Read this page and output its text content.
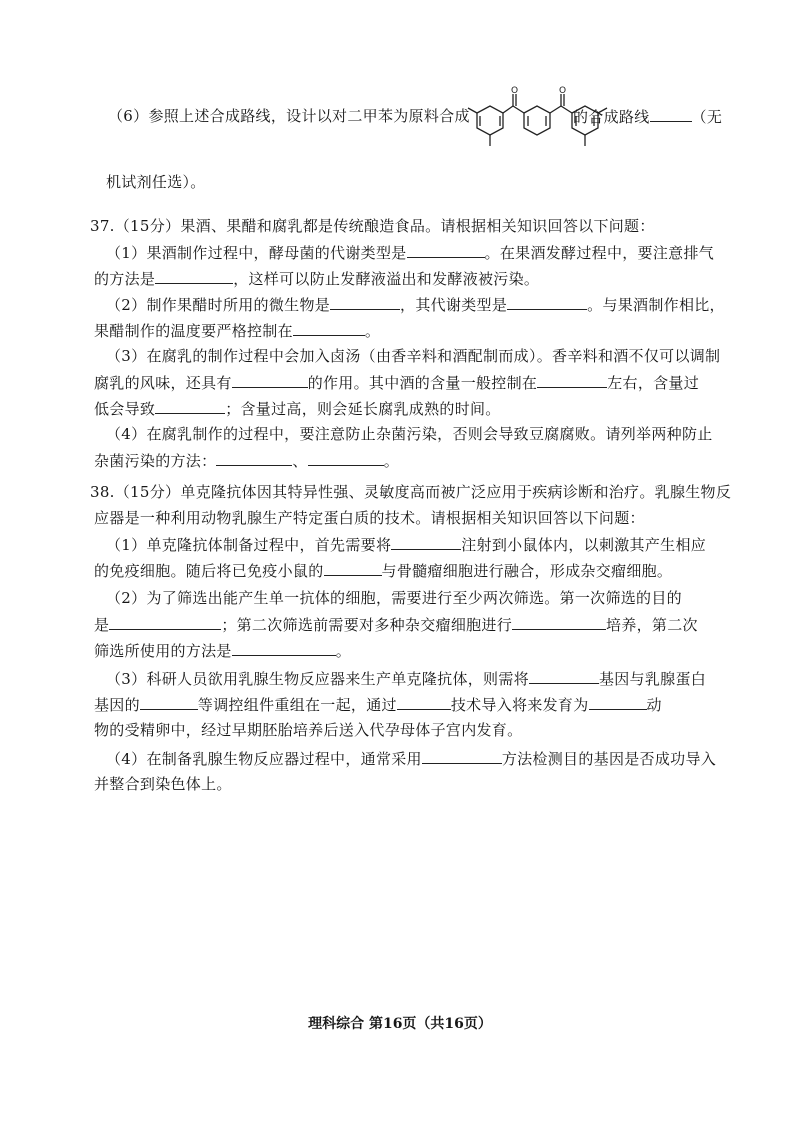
（6）参照上述合成路线，设计以对二甲苯为原料合成
O	O
的合成路线	（无
机试剂任选）。
37.（15分）果酒、果醋和腐乳都是传统酿造食品。请根据相关知识回答以下问题：
（1）果酒制作过程中，酵母菌的代谢类型是	。在果酒发酵过程中，要注意排气
的方法是	，这样可以防止发酵液溢出和发酵液被污染。
（2）制作果醋时所用的微生物是	，其代谢类型是	。与果酒制作相比，
果醋制作的温度要严格控制在	。
（3）在腐乳的制作过程中会加入卤汤（由香辛料和酒配制而成）。香辛料和酒不仅可以调制
腐乳的风味，还具有	的作用。其中酒的含量一般控制在	左右，含量过
低会导致	；含量过高，则会延长腐乳成熟的时间。
（4）在腐乳制作的过程中，要注意防止杂菌污染，否则会导致豆腐腐败。请列举两种防止
杂菌污染的方法：	、	。
38.（15分）单克隆抗体因其特异性强、灵敏度高而被广泛应用于疾病诊断和治疗。乳腺生物反
应器是一种利用动物乳腺生产特定蛋白质的技术。请根据相关知识回答以下问题：
（1）单克隆抗体制备过程中，首先需要将	注射到小鼠体内，以刺激其产生相应
的免疫细胞。随后将已免疫小鼠的	与骨髓瘤细胞进行融合，形成杂交瘤细胞。
（2）为了筛选出能产生单一抗体的细胞，需要进行至少两次筛选。第一次筛选的目的
是	；第二次筛选前需要对多种杂交瘤细胞进行	培养，第二次
筛选所使用的方法是	。
（3）科研人员欲用乳腺生物反应器来生产单克隆抗体，则需将	基因与乳腺蛋白
基因的	等调控组件重组在一起，通过	技术导入将来发育为	动
物的受精卵中，经过早期胚胎培养后送入代孕母体子宫内发育。
（4）在制备乳腺生物反应器过程中，通常采用	方法检测目的基因是否成功导入
并整合到染色体上。
理科综合 第16页（共16页）
